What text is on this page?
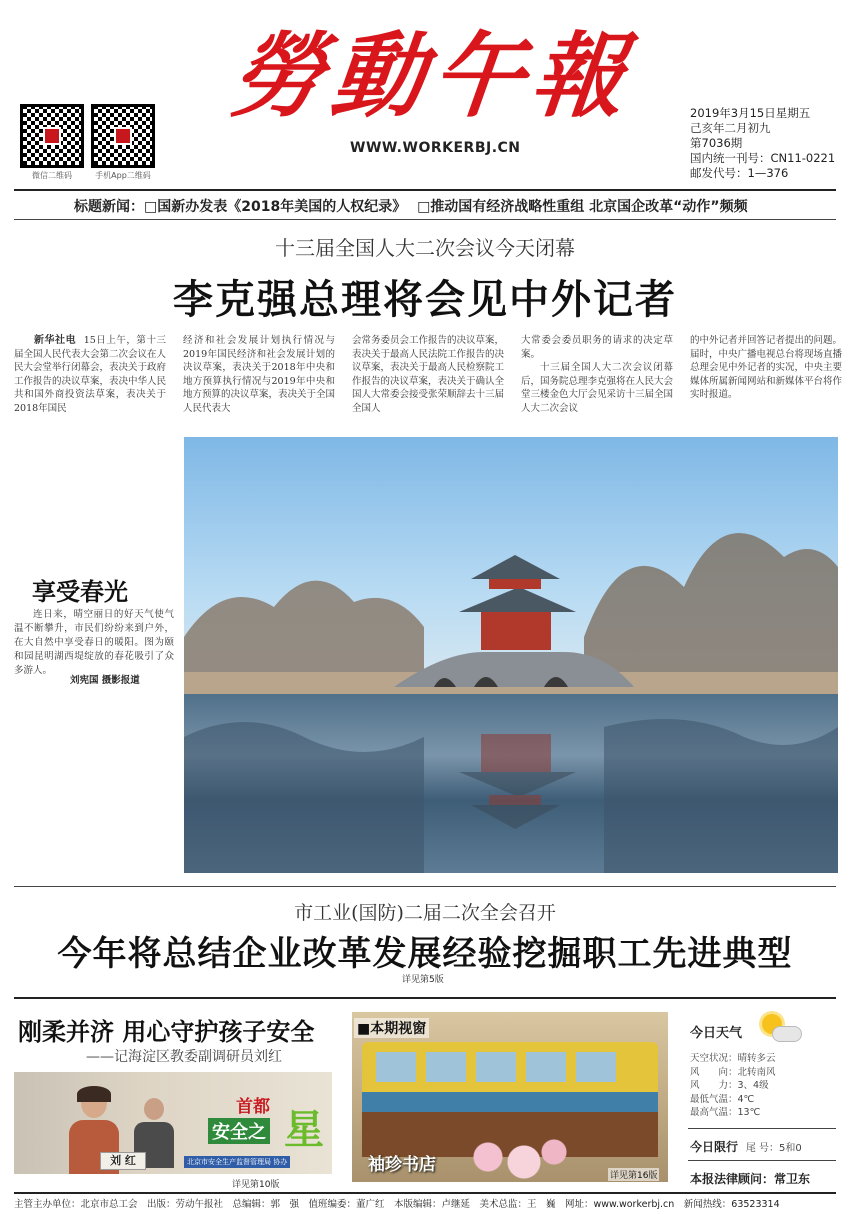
微信二维码	手机App二维码
勞動午報
WWW.WORKERBJ.CN
2019年3月15日星期五
己亥年二月初九
第7036期
国内统一刊号：CN11-0221
邮发代号：1—376
标题新闻：□国新办发表《2018年美国的人权纪录》 □推动国有经济战略性重组 北京国企改革“动作”频频
十三届全国人大二次会议今天闭幕
李克强总理将会见中外记者
新华社电 15日上午，第十三届全国人民代表大会第二次会议在人民大会堂举行闭幕会，表决关于政府工作报告的决议草案，表决中华人民共和国外商投资法草案，表决关于2018年国民
经济和社会发展计划执行情况与2019年国民经济和社会发展计划的决议草案，表决关于2018年中央和地方预算执行情况与2019年中央和地方预算的决议草案，表决关于全国人民代表大
会常务委员会工作报告的决议草案，表决关于最高人民法院工作报告的决议草案，表决关于最高人民检察院工作报告的决议草案，表决关于确认全国人大常委会接受张荣顺辞去十三届全国人
大常委会委员职务的请求的决定草案。
十三届全国人大二次会议闭幕后，国务院总理李克强将在人民大会堂三楼金色大厅会见采访十三届全国人大二次会议
的中外记者并回答记者提出的问题。届时，中央广播电视总台将现场直播总理会见中外记者的实况，中央主要媒体所属新闻网站和新媒体平台将作实时报道。
享受春光
连日来，晴空丽日的好天气使气温不断攀升，市民们纷纷来到户外，在大自然中享受春日的暖阳。图为颐和园昆明湖西堤绽放的春花吸引了众多游人。
刘宪国 摄影报道
市工业(国防)二届二次全会召开
今年将总结企业改革发展经验挖掘职工先进典型
详见第5版
刚柔并济 用心守护孩子安全
——记海淀区教委副调研员刘红
刘 红
首都
安全之 星
北京市安全生产监督管理局 协办
详见第10版
■本期视窗
袖珍书店
详见第16版
今日天气
天空状况：晴转多云
风　　向：北转南风
风　　力：3、4级
最低气温：4℃
最高气温：13℃
今日限行 尾 号：5和0
本报法律顾问：常卫东
主管主办单位：北京市总工会　出版：劳动午报社　总编辑：郭　强　值班编委：董广红　本版编辑：卢继延　美术总监：王　巍　网址：www.workerbj.cn　新闻热线：63523314
